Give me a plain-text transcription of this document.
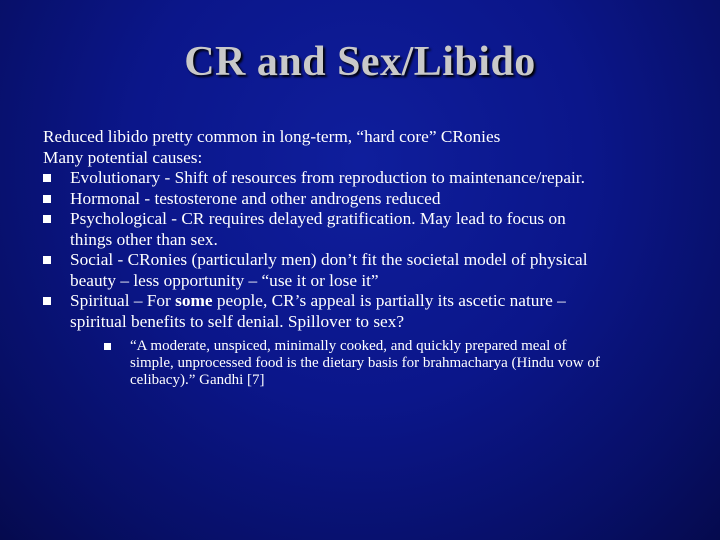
CR and Sex/Libido
Reduced libido pretty common in long-term, “hard core” CRonies
Many potential causes:
Evolutionary - Shift of resources from reproduction to maintenance/repair.
Hormonal - testosterone and other androgens reduced
Psychological - CR requires delayed gratification. May lead to focus on
things other than sex.
Social - CRonies (particularly men) don’t fit the societal model of physical
beauty – less opportunity – “use it or lose it”
Spiritual – For some people, CR’s appeal is partially its ascetic nature –
spiritual benefits to self denial. Spillover to sex?
“A moderate, unspiced, minimally cooked, and quickly prepared meal of
simple, unprocessed food is the dietary basis for brahmacharya (Hindu vow of
celibacy).” Gandhi [7]
